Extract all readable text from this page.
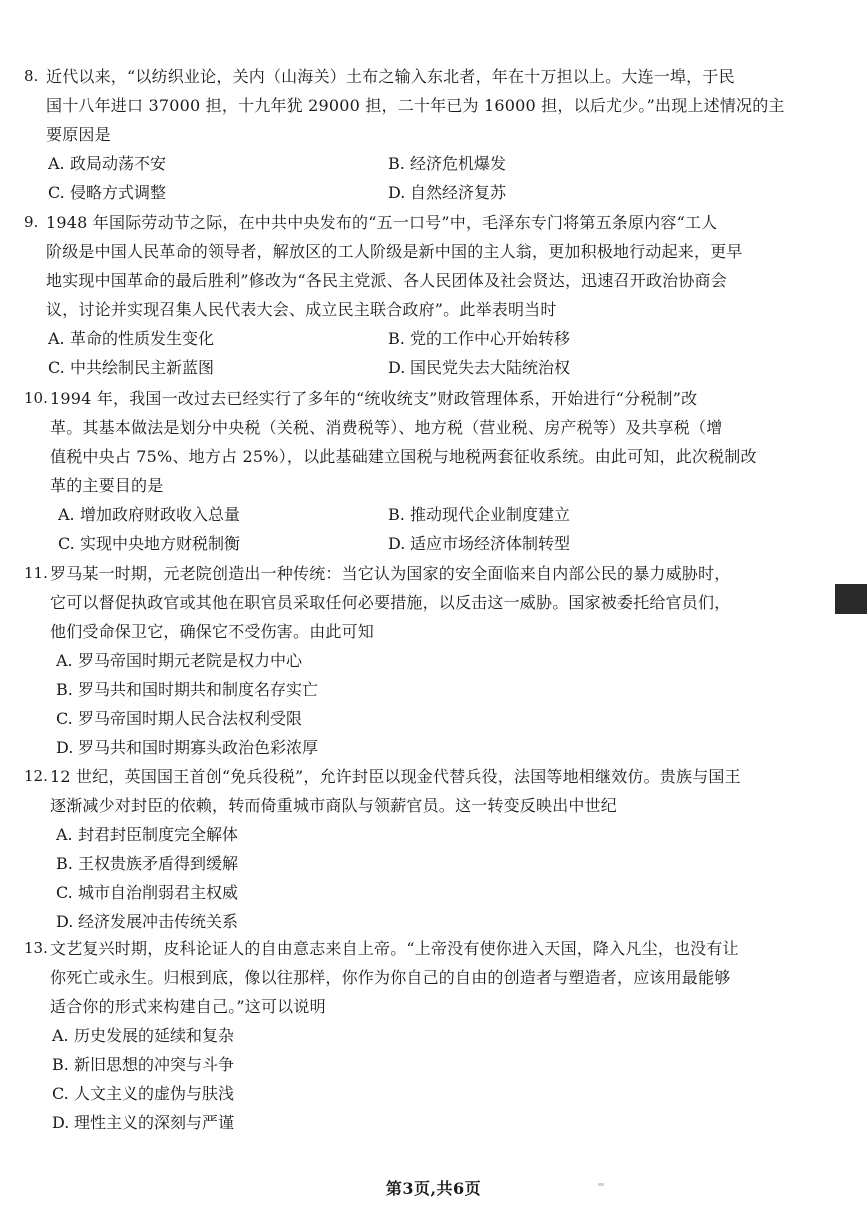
8. 近代以来，“以纺织业论，关内（山海关）土布之输入东北者，年在十万担以上。大连一埠，于民
国十八年进口 37000 担，十九年犹 29000 担，二十年已为 16000 担，以后尤少。”出现上述情况的主
要原因是
A. 政局动荡不安	B. 经济危机爆发
C. 侵略方式调整	D. 自然经济复苏
9. 1948 年国际劳动节之际，在中共中央发布的“五一口号”中，毛泽东专门将第五条原内容“工人
阶级是中国人民革命的领导者，解放区的工人阶级是新中国的主人翁，更加积极地行动起来，更早
地实现中国革命的最后胜利”修改为“各民主党派、各人民团体及社会贤达，迅速召开政治协商会
议，讨论并实现召集人民代表大会、成立民主联合政府”。此举表明当时
A. 革命的性质发生变化	B. 党的工作中心开始转移
C. 中共绘制民主新蓝图	D. 国民党失去大陆统治权
10. 1994 年，我国一改过去已经实行了多年的“统收统支”财政管理体系，开始进行“分税制”改
革。其基本做法是划分中央税（关税、消费税等）、地方税（营业税、房产税等）及共享税（增
值税中央占 75%、地方占 25%），以此基础建立国税与地税两套征收系统。由此可知，此次税制改
革的主要目的是
A. 增加政府财政收入总量	B. 推动现代企业制度建立
C. 实现中央地方财税制衡	D. 适应市场经济体制转型
11. 罗马某一时期，元老院创造出一种传统：当它认为国家的安全面临来自内部公民的暴力威胁时，
它可以督促执政官或其他在职官员采取任何必要措施，以反击这一威胁。国家被委托给官员们，
他们受命保卫它，确保它不受伤害。由此可知
A. 罗马帝国时期元老院是权力中心
B. 罗马共和国时期共和制度名存实亡
C. 罗马帝国时期人民合法权利受限
D. 罗马共和国时期寡头政治色彩浓厚
12. 12 世纪，英国国王首创“免兵役税”，允许封臣以现金代替兵役，法国等地相继效仿。贵族与国王
逐渐减少对封臣的依赖，转而倚重城市商队与领薪官员。这一转变反映出中世纪
A. 封君封臣制度完全解体
B. 王权贵族矛盾得到缓解
C. 城市自治削弱君主权威
D. 经济发展冲击传统关系
13. 文艺复兴时期，皮科论证人的自由意志来自上帝。“上帝没有使你进入天国，降入凡尘，也没有让
你死亡或永生。归根到底，像以往那样，你作为你自己的自由的创造者与塑造者，应该用最能够
适合你的形式来构建自己。”这可以说明
A. 历史发展的延续和复杂
B. 新旧思想的冲突与斗争
C. 人文主义的虚伪与肤浅
D. 理性主义的深刻与严谨
第3页,共6页
